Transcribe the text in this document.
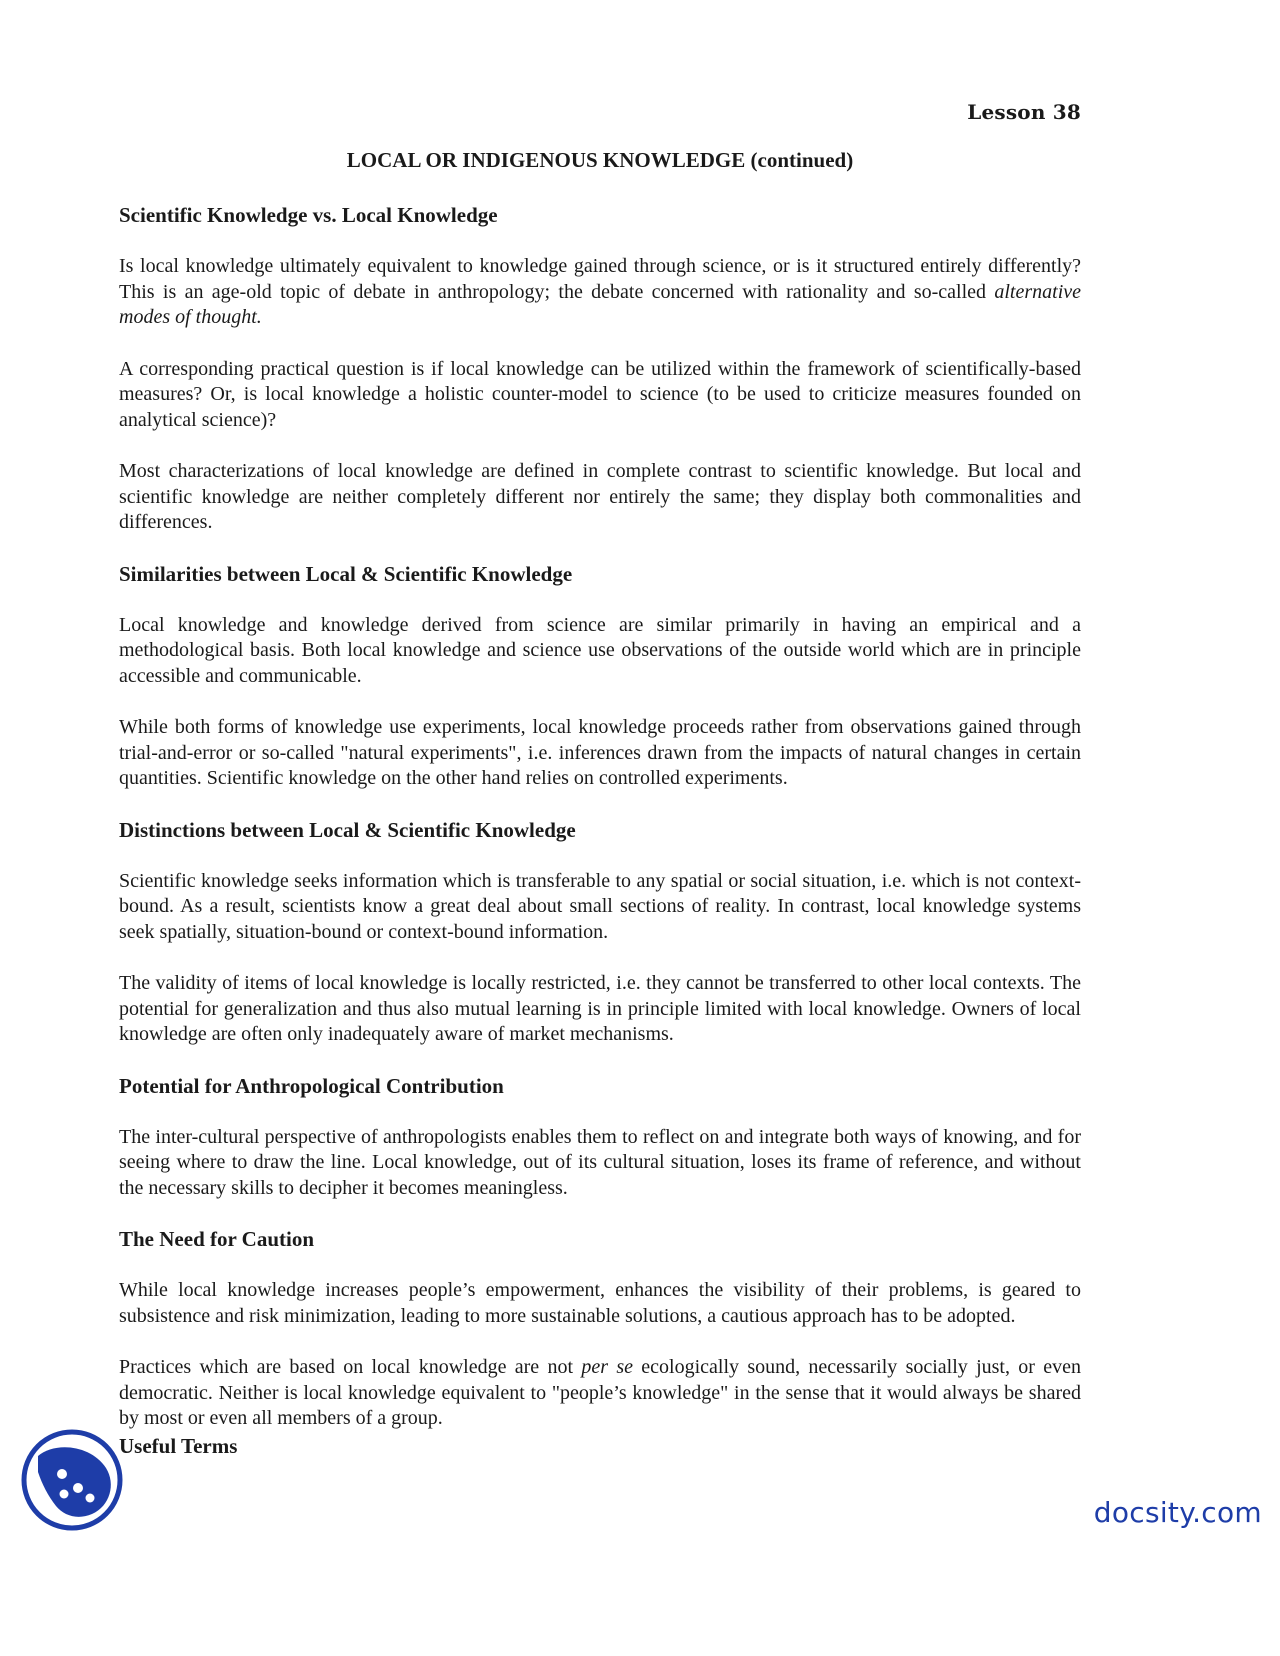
Lesson 38
LOCAL OR INDIGENOUS KNOWLEDGE (continued)
Scientific Knowledge vs. Local Knowledge

Is local knowledge ultimately equivalent to knowledge gained through science, or is it structured entirely differently? This is an age-old topic of debate in anthropology; the debate concerned with rationality and so-called alternative modes of thought.

A corresponding practical question is if local knowledge can be utilized within the framework of scientifically-based measures? Or, is local knowledge a holistic counter-model to science (to be used to criticize measures founded on analytical science)?

Most characterizations of local knowledge are defined in complete contrast to scientific knowledge. But local and scientific knowledge are neither completely different nor entirely the same; they display both commonalities and differences.

Similarities between Local & Scientific Knowledge

Local knowledge and knowledge derived from science are similar primarily in having an empirical and a methodological basis. Both local knowledge and science use observations of the outside world which are in principle accessible and communicable.

While both forms of knowledge use experiments, local knowledge proceeds rather from observations gained through trial-and-error or so-called "natural experiments", i.e. inferences drawn from the impacts of natural changes in certain quantities. Scientific knowledge on the other hand relies on controlled experiments.

Distinctions between Local & Scientific Knowledge

Scientific knowledge seeks information which is transferable to any spatial or social situation, i.e. which is not context-bound. As a result, scientists know a great deal about small sections of reality. In contrast, local knowledge systems seek spatially, situation-bound or context-bound information.

The validity of items of local knowledge is locally restricted, i.e. they cannot be transferred to other local contexts. The potential for generalization and thus also mutual learning is in principle limited with local knowledge. Owners of local knowledge are often only inadequately aware of market mechanisms.

Potential for Anthropological Contribution

The inter-cultural perspective of anthropologists enables them to reflect on and integrate both ways of knowing, and for seeing where to draw the line. Local knowledge, out of its cultural situation, loses its frame of reference, and without the necessary skills to decipher it becomes meaningless.

The Need for Caution

While local knowledge increases people’s empowerment, enhances the visibility of their problems, is geared to subsistence and risk minimization, leading to more sustainable solutions, a cautious approach has to be adopted.

Practices which are based on local knowledge are not per se ecologically sound, necessarily socially just, or even democratic. Neither is local knowledge equivalent to "people’s knowledge" in the sense that it would always be shared by most or even all members of a group.

Useful Terms
docsity.com
